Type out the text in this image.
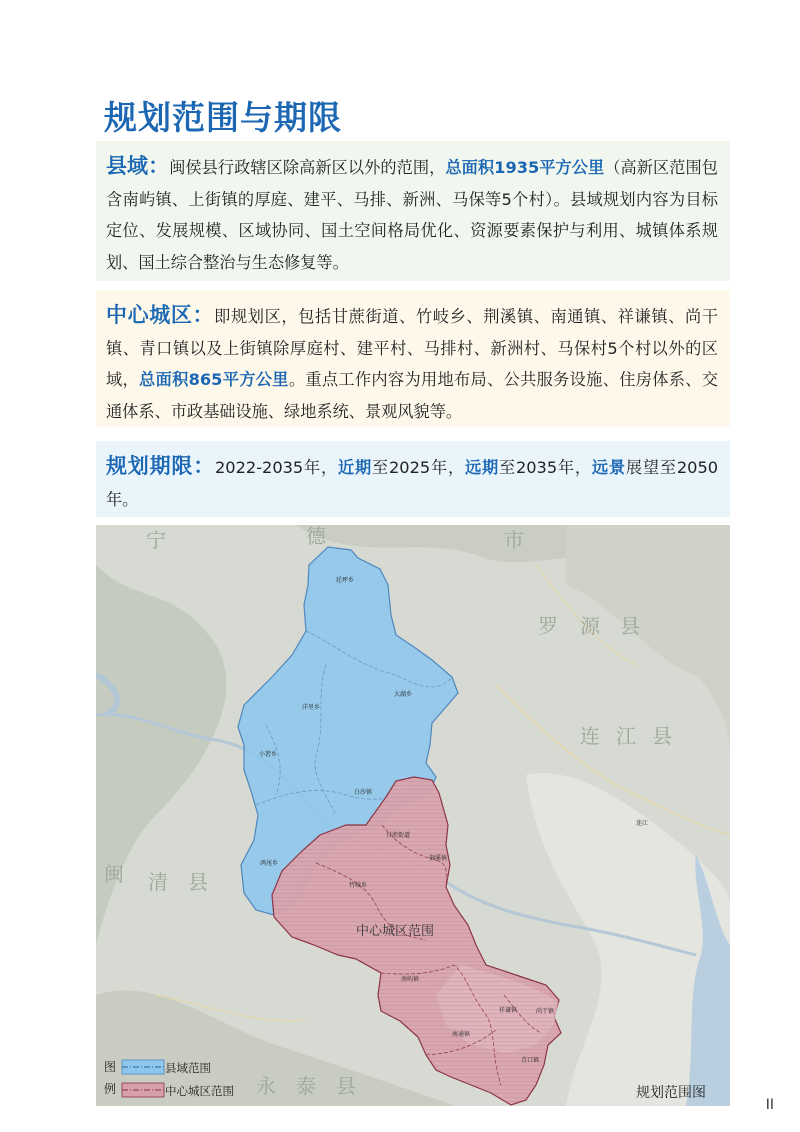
规划范围与期限

县域：闽侯县行政辖区除高新区以外的范围，总面积1935平方公里（高新区范围包含南屿镇、上街镇的厚庭、建平、马排、新洲、马保等5个村）。县域规划内容为目标定位、发展规模、区域协同、国土空间格局优化、资源要素保护与利用、城镇体系规划、国土综合整治与生态修复等。

中心城区：即规划区，包括甘蔗街道、竹岐乡、荆溪镇、南通镇、祥谦镇、尚干镇、青口镇以及上街镇除厚庭村、建平村、马排村、新洲村、马保村5个村以外的区域，总面积865平方公里。重点工作内容为用地布局、公共服务设施、住房体系、交通体系、市政基础设施、绿地系统、景观风貌等。

规划期限：2022-2035年，近期至2025年，远期至2035年，远景展望至2050年。

宁	德	市
罗 源 县
连 江 县
闽 清 县
永 泰 县
廷坪乡
大湖乡
洋里乡
小箬乡
白沙镇
甘蔗街道
荆溪镇
鸿尾乡
竹岐乡
南屿镇
祥谦镇	尚干镇
南通镇
青口镇
连江
中心城区范围
图
例
县域范围
中心城区范围	规划范围图
II
